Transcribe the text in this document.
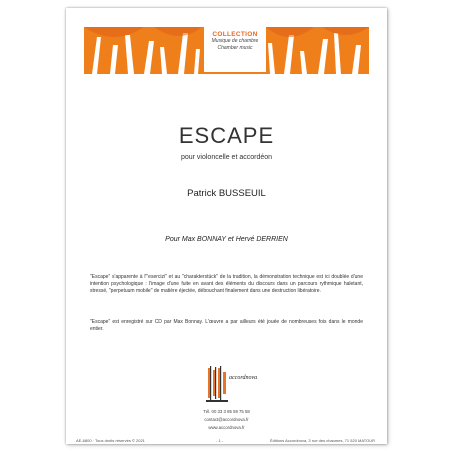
COLLECTION
Musique de chambre
Chamber music
ESCAPE
pour violoncelle et accordéon
Patrick BUSSEUIL
Pour Max BONNAY et Hervé DERRIEN

"Escape" s'apparente à l'"esercizi" et au "charakterstück" de la tradition, la démonstration technique est ici doublée d'une intention psychologique : l'image d'une fuite en avant des éléments du discours dans un parcours rythmique haletant, stressé, "perpetuum mobile" de matière éjectée, débouchant finalement dans une destruction libératoire.

"Escape" est enregistré sur CD par Max Bonnay. L'œuvre a par ailleurs été jouée de nombreuses fois dans le monde entier.

accordnova
Tél. 00 33 3 85 59 75 58
contact@accordnova.fr
www.accordnova.fr
AE-6800 · Tous droits réservés © 2021	- 1 -	Éditions Accordnova, 3 rue des chaumes, 71 520 MATOUR
